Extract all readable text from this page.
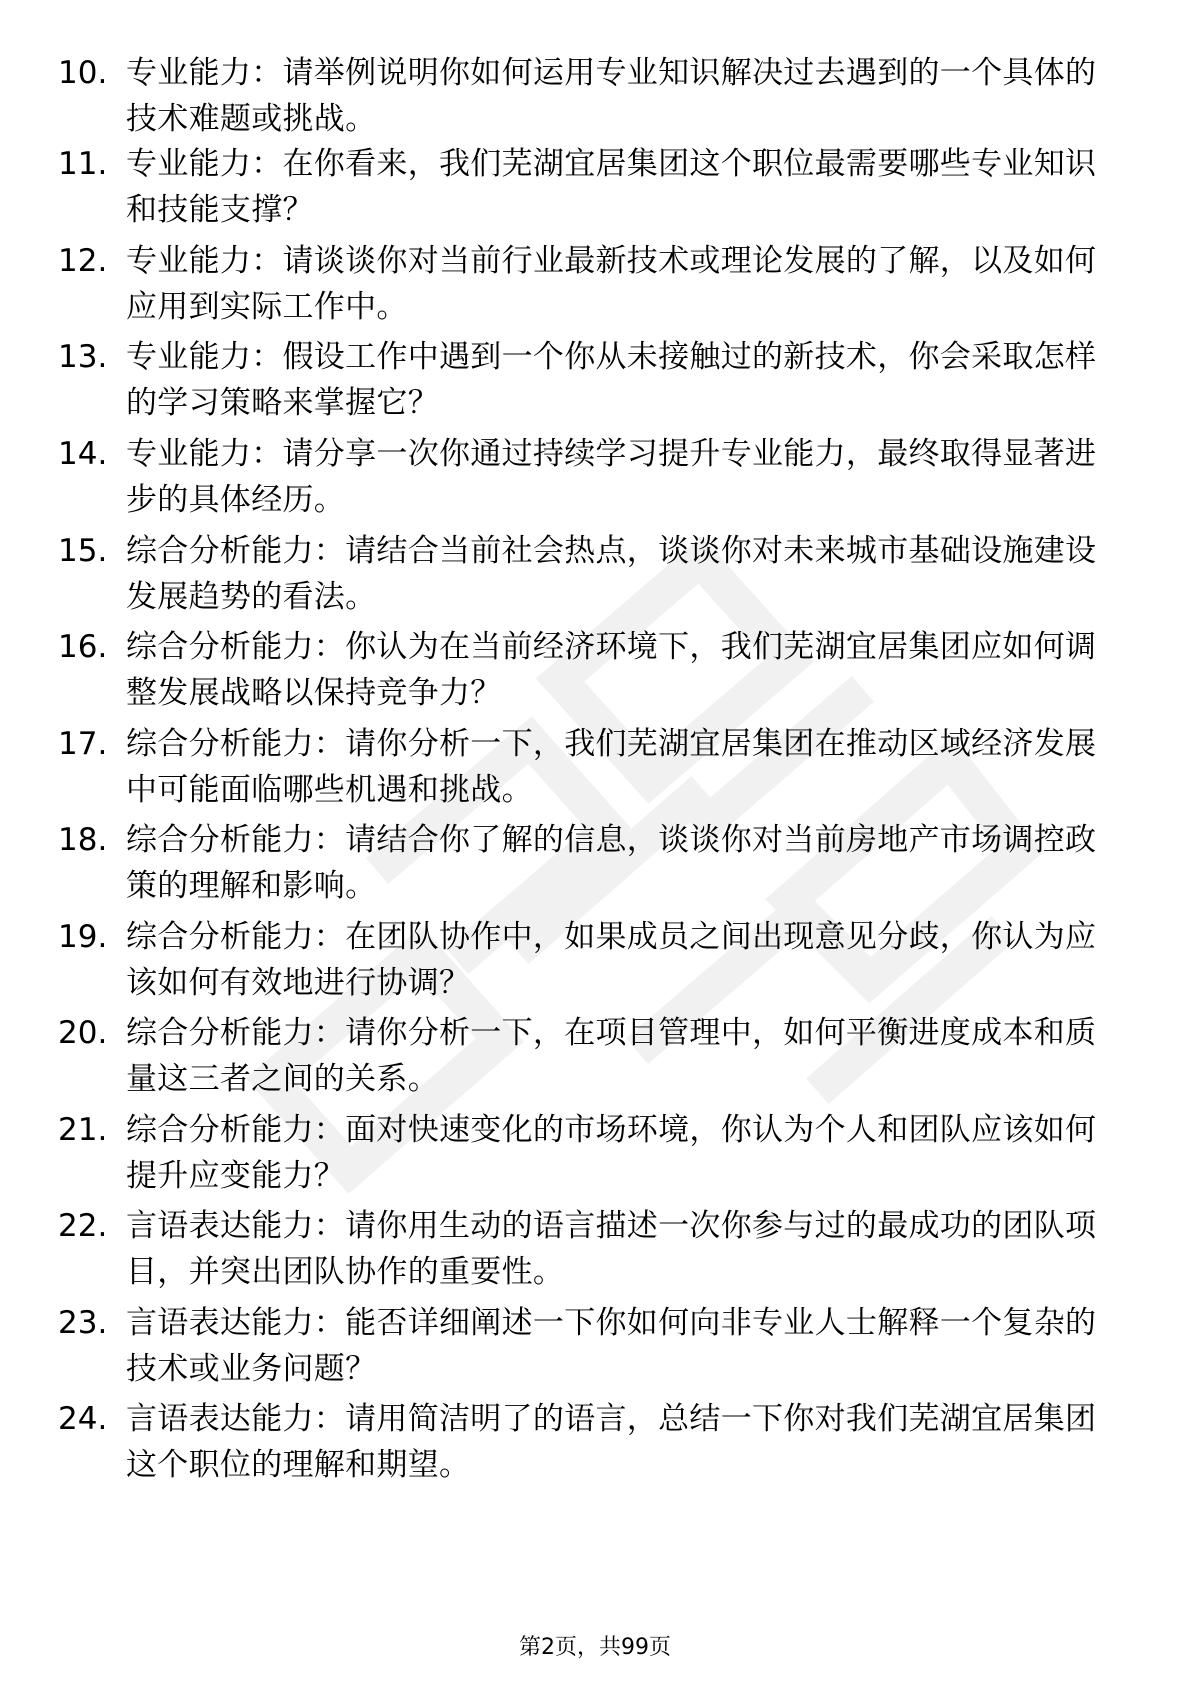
10. 专业能力：请举例说明你如何运用专业知识解决过去遇到的一个具体的技术难题或挑战。
11. 专业能力：在你看来，我们芜湖宜居集团这个职位最需要哪些专业知识和技能支撑？
12. 专业能力：请谈谈你对当前行业最新技术或理论发展的了解，以及如何应用到实际工作中。
13. 专业能力：假设工作中遇到一个你从未接触过的新技术，你会采取怎样的学习策略来掌握它？
14. 专业能力：请分享一次你通过持续学习提升专业能力，最终取得显著进步的具体经历。
15. 综合分析能力：请结合当前社会热点，谈谈你对未来城市基础设施建设发展趋势的看法。
16. 综合分析能力：你认为在当前经济环境下，我们芜湖宜居集团应如何调整发展战略以保持竞争力？
17. 综合分析能力：请你分析一下，我们芜湖宜居集团在推动区域经济发展中可能面临哪些机遇和挑战。
18. 综合分析能力：请结合你了解的信息，谈谈你对当前房地产市场调控政策的理解和影响。
19. 综合分析能力：在团队协作中，如果成员之间出现意见分歧，你认为应该如何有效地进行协调？
20. 综合分析能力：请你分析一下，在项目管理中，如何平衡进度成本和质量这三者之间的关系。
21. 综合分析能力：面对快速变化的市场环境，你认为个人和团队应该如何提升应变能力？
22. 言语表达能力：请你用生动的语言描述一次你参与过的最成功的团队项目，并突出团队协作的重要性。
23. 言语表达能力：能否详细阐述一下你如何向非专业人士解释一个复杂的技术或业务问题？
24. 言语表达能力：请用简洁明了的语言，总结一下你对我们芜湖宜居集团这个职位的理解和期望。
第2页，共99页
